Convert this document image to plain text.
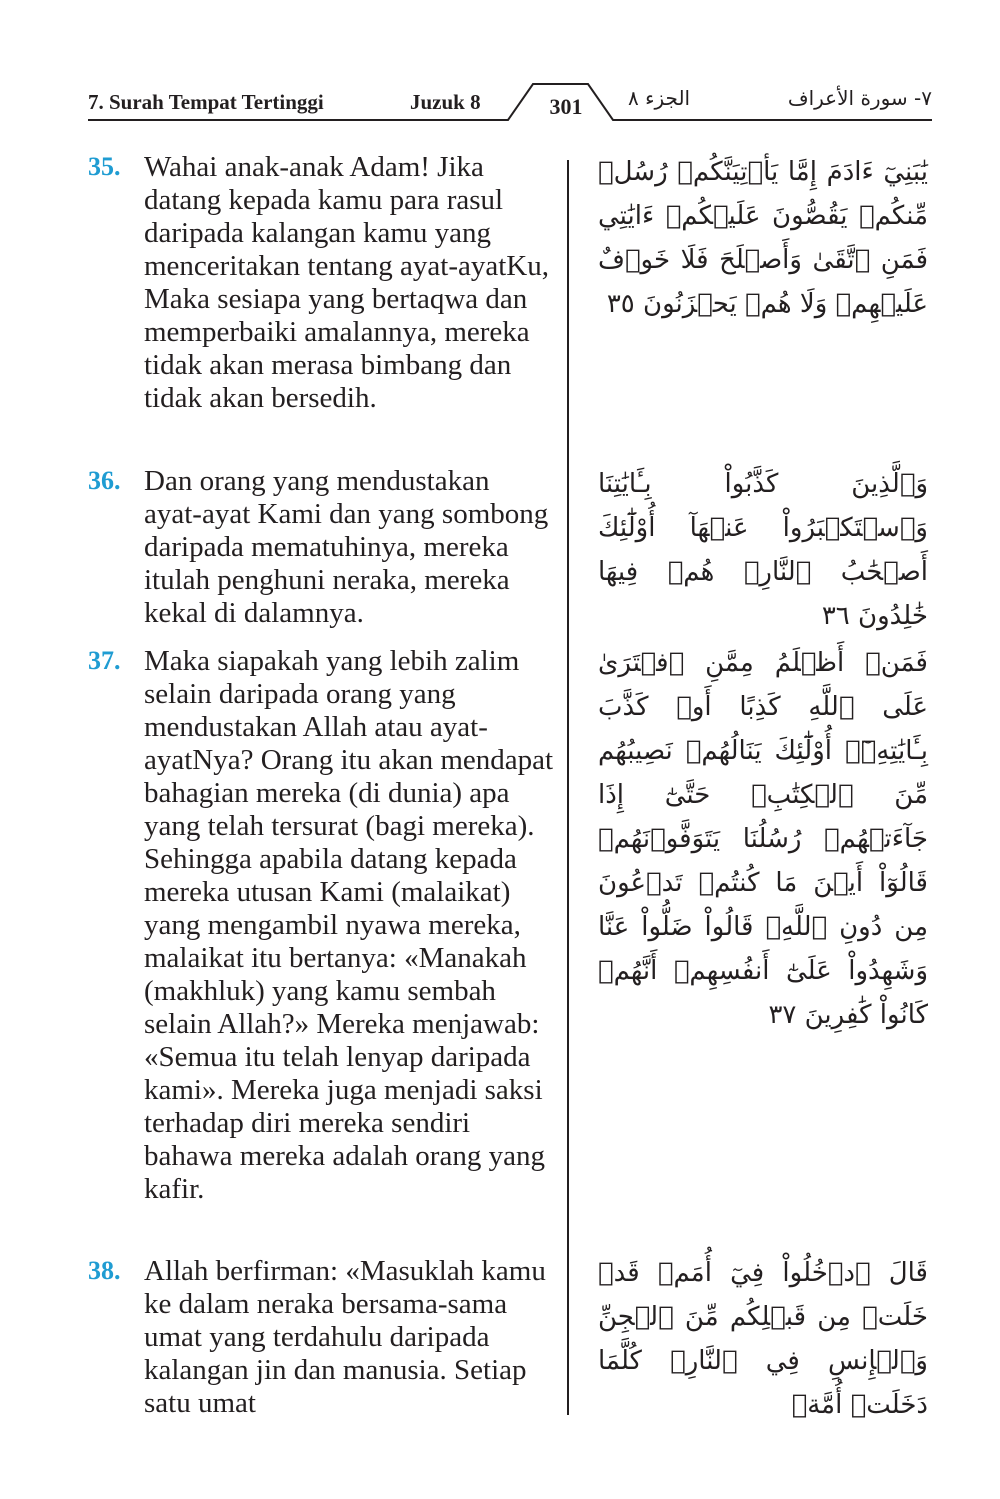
7. Surah Tempat Tertinggi	Juzuk 8	301	الجزء ٨	٧- سورة الأعراف
35. Wahai anak-anak Adam! Jika datang kepada kamu para rasul daripada kalangan kamu yang menceritakan tentang ayat-ayatKu, Maka sesiapa yang bertaqwa dan memperbaiki amalannya, mereka tidak akan merasa bimbang dan tidak akan bersedih.
يَٰبَنِيٓ ءَادَمَ إِمَّا يَأۡتِيَنَّكُمۡ رُسُلٞ مِّنكُمۡ يَقُصُّونَ عَلَيۡكُمۡ ءَايَٰتِي فَمَنِ ٱتَّقَىٰ وَأَصۡلَحَ فَلَا خَوۡفٌ عَلَيۡهِمۡ وَلَا هُمۡ يَحۡزَنُونَ ٣٥
36. Dan orang yang mendustakan ayat-ayat Kami dan yang sombong daripada mematuhinya, mereka itulah penghuni neraka, mereka kekal di dalamnya.
وَٱلَّذِينَ كَذَّبُواْ بِـَٔايَٰتِنَا وَٱسۡتَكۡبَرُواْ عَنۡهَآ أُوْلَٰٓئِكَ أَصۡحَٰبُ ٱلنَّارِۖ هُمۡ فِيهَا خَٰلِدُونَ ٣٦
37. Maka siapakah yang lebih zalim selain daripada orang yang mendustakan Allah atau ayat-ayatNya? Orang itu akan mendapat bahagian mereka (di dunia) apa yang telah tersurat (bagi mereka). Sehingga apabila datang kepada mereka utusan Kami (malaikat) yang mengambil nyawa mereka, malaikat itu bertanya: «Manakah (makhluk) yang kamu sembah selain Allah?» Mereka menjawab: «Semua itu telah lenyap daripada kami». Mereka juga menjadi saksi terhadap diri mereka sendiri bahawa mereka adalah orang yang kafir.
فَمَنۡ أَظۡلَمُ مِمَّنِ ٱفۡتَرَىٰ عَلَى ٱللَّهِ كَذِبًا أَوۡ كَذَّبَ بِـَٔايَٰتِهِۦٓۚ أُوْلَٰٓئِكَ يَنَالُهُمۡ نَصِيبُهُم مِّنَ ٱلۡكِتَٰبِۖ حَتَّىٰٓ إِذَا جَآءَتۡهُمۡ رُسُلُنَا يَتَوَفَّوۡنَهُمۡ قَالُوٓاْ أَيۡنَ مَا كُنتُمۡ تَدۡعُونَ مِن دُونِ ٱللَّهِۖ قَالُواْ ضَلُّواْ عَنَّا وَشَهِدُواْ عَلَىٰٓ أَنفُسِهِمۡ أَنَّهُمۡ كَانُواْ كَٰفِرِينَ ٣٧
38. Allah berfirman: «Masuklah kamu ke dalam neraka bersama-sama umat yang terdahulu daripada kalangan jin dan manusia. Setiap satu umat
قَالَ ٱدۡخُلُواْ فِيٓ أُمَمٖ قَدۡ خَلَتۡ مِن قَبۡلِكُم مِّنَ ٱلۡجِنِّ وَٱلۡإِنسِ فِي ٱلنَّارِۖ كُلَّمَا دَخَلَتۡ أُمَّةٞ
